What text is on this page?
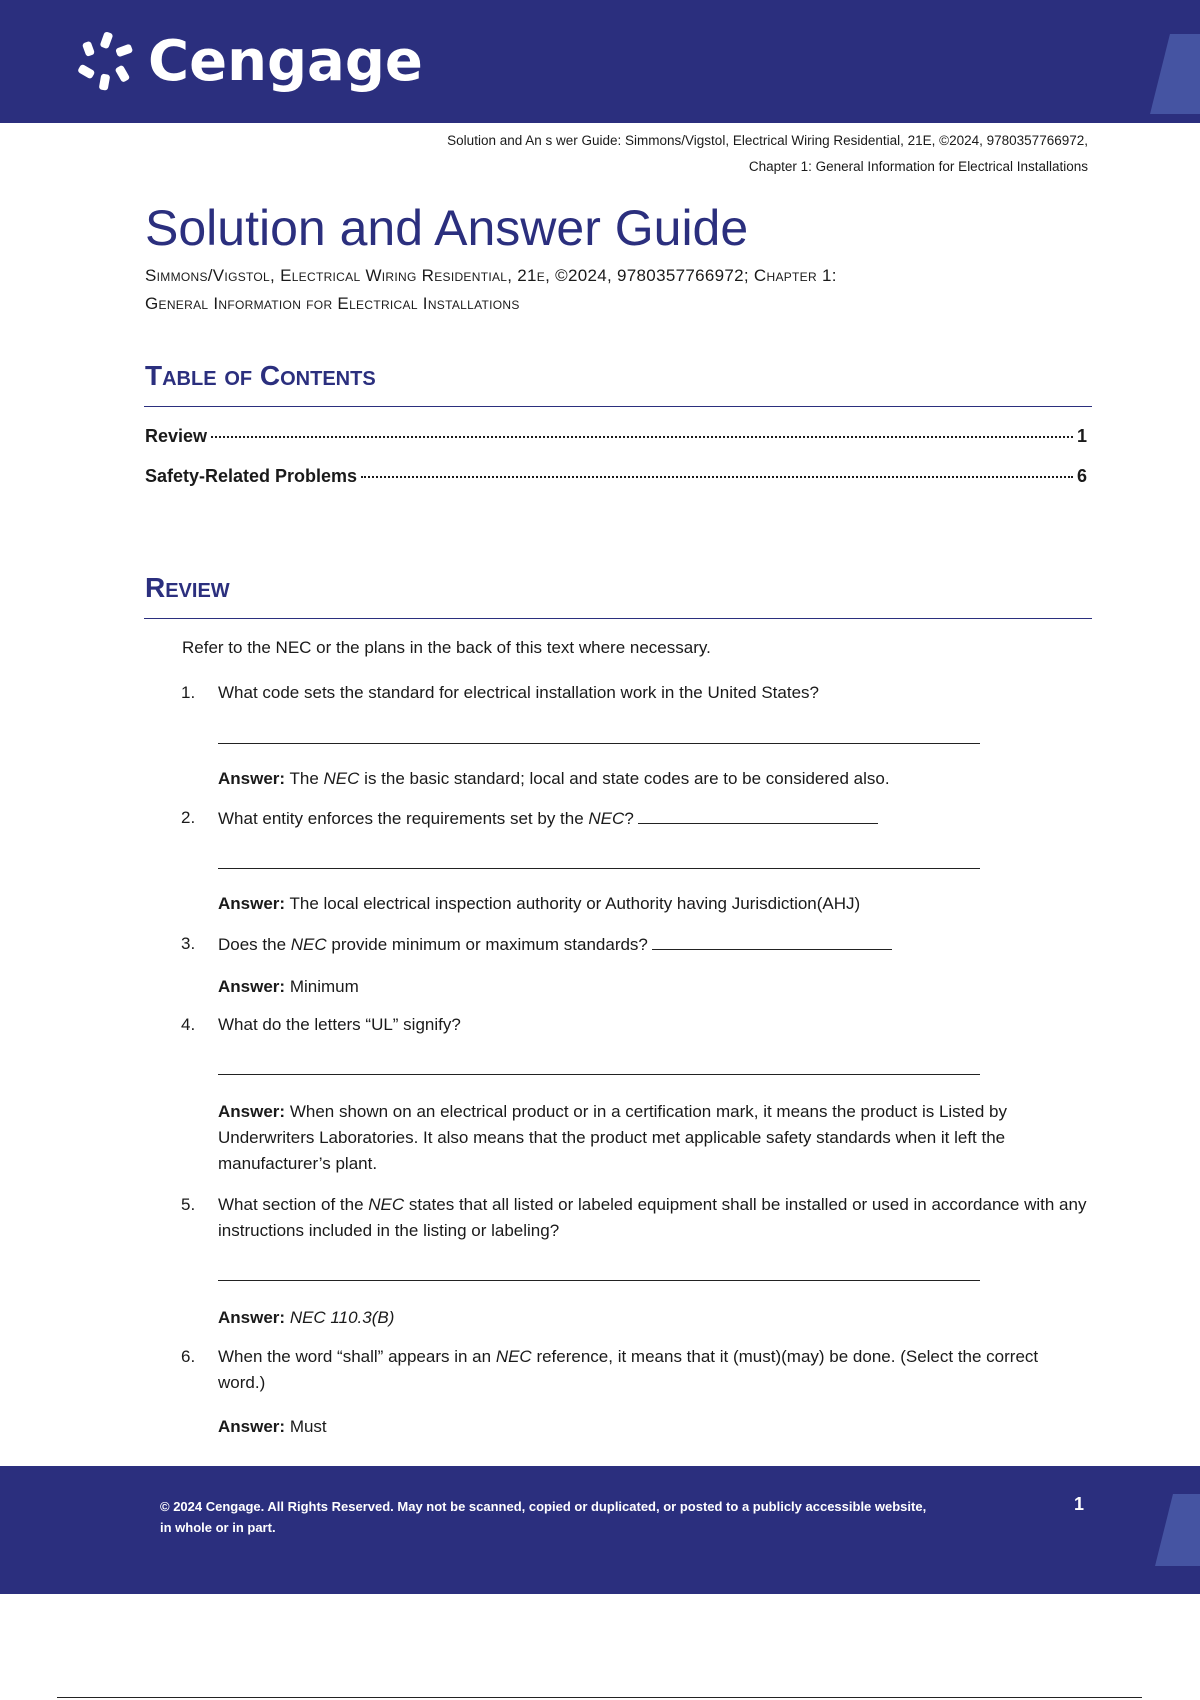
Cengage
Solution and An s wer Guide: Simmons/Vigstol, Electrical Wiring Residential, 21E, ©2024, 9780357766972,
Chapter 1: General Information for Electrical Installations
Solution and Answer Guide
Simmons/Vigstol, Electrical Wiring Residential, 21e, ©2024, 9780357766972; Chapter 1:
General Information for Electrical Installations
Table of Contents
Review	1
Safety-Related Problems	6
Review
Refer to the NEC or the plans in the back of this text where necessary.
1. What code sets the standard for electrical installation work in the United States?
Answer: The NEC is the basic standard; local and state codes are to be considered also.
2. What entity enforces the requirements set by the NEC?
Answer: The local electrical inspection authority or Authority having Jurisdiction(AHJ)
3. Does the NEC provide minimum or maximum standards?
Answer: Minimum
4. What do the letters “UL” signify?
Answer: When shown on an electrical product or in a certification mark, it means the product is Listed by Underwriters Laboratories. It also means that the product met applicable safety standards when it left the manufacturer’s plant.
5. What section of the NEC states that all listed or labeled equipment shall be installed or used in accordance with any instructions included in the listing or labeling?
Answer: NEC 110.3(B)
6. When the word “shall” appears in an NEC reference, it means that it (must)(may) be done. (Select the correct word.)
Answer: Must
© 2024 Cengage. All Rights Reserved. May not be scanned, copied or duplicated, or posted to a publicly accessible website, in whole or in part.
1
